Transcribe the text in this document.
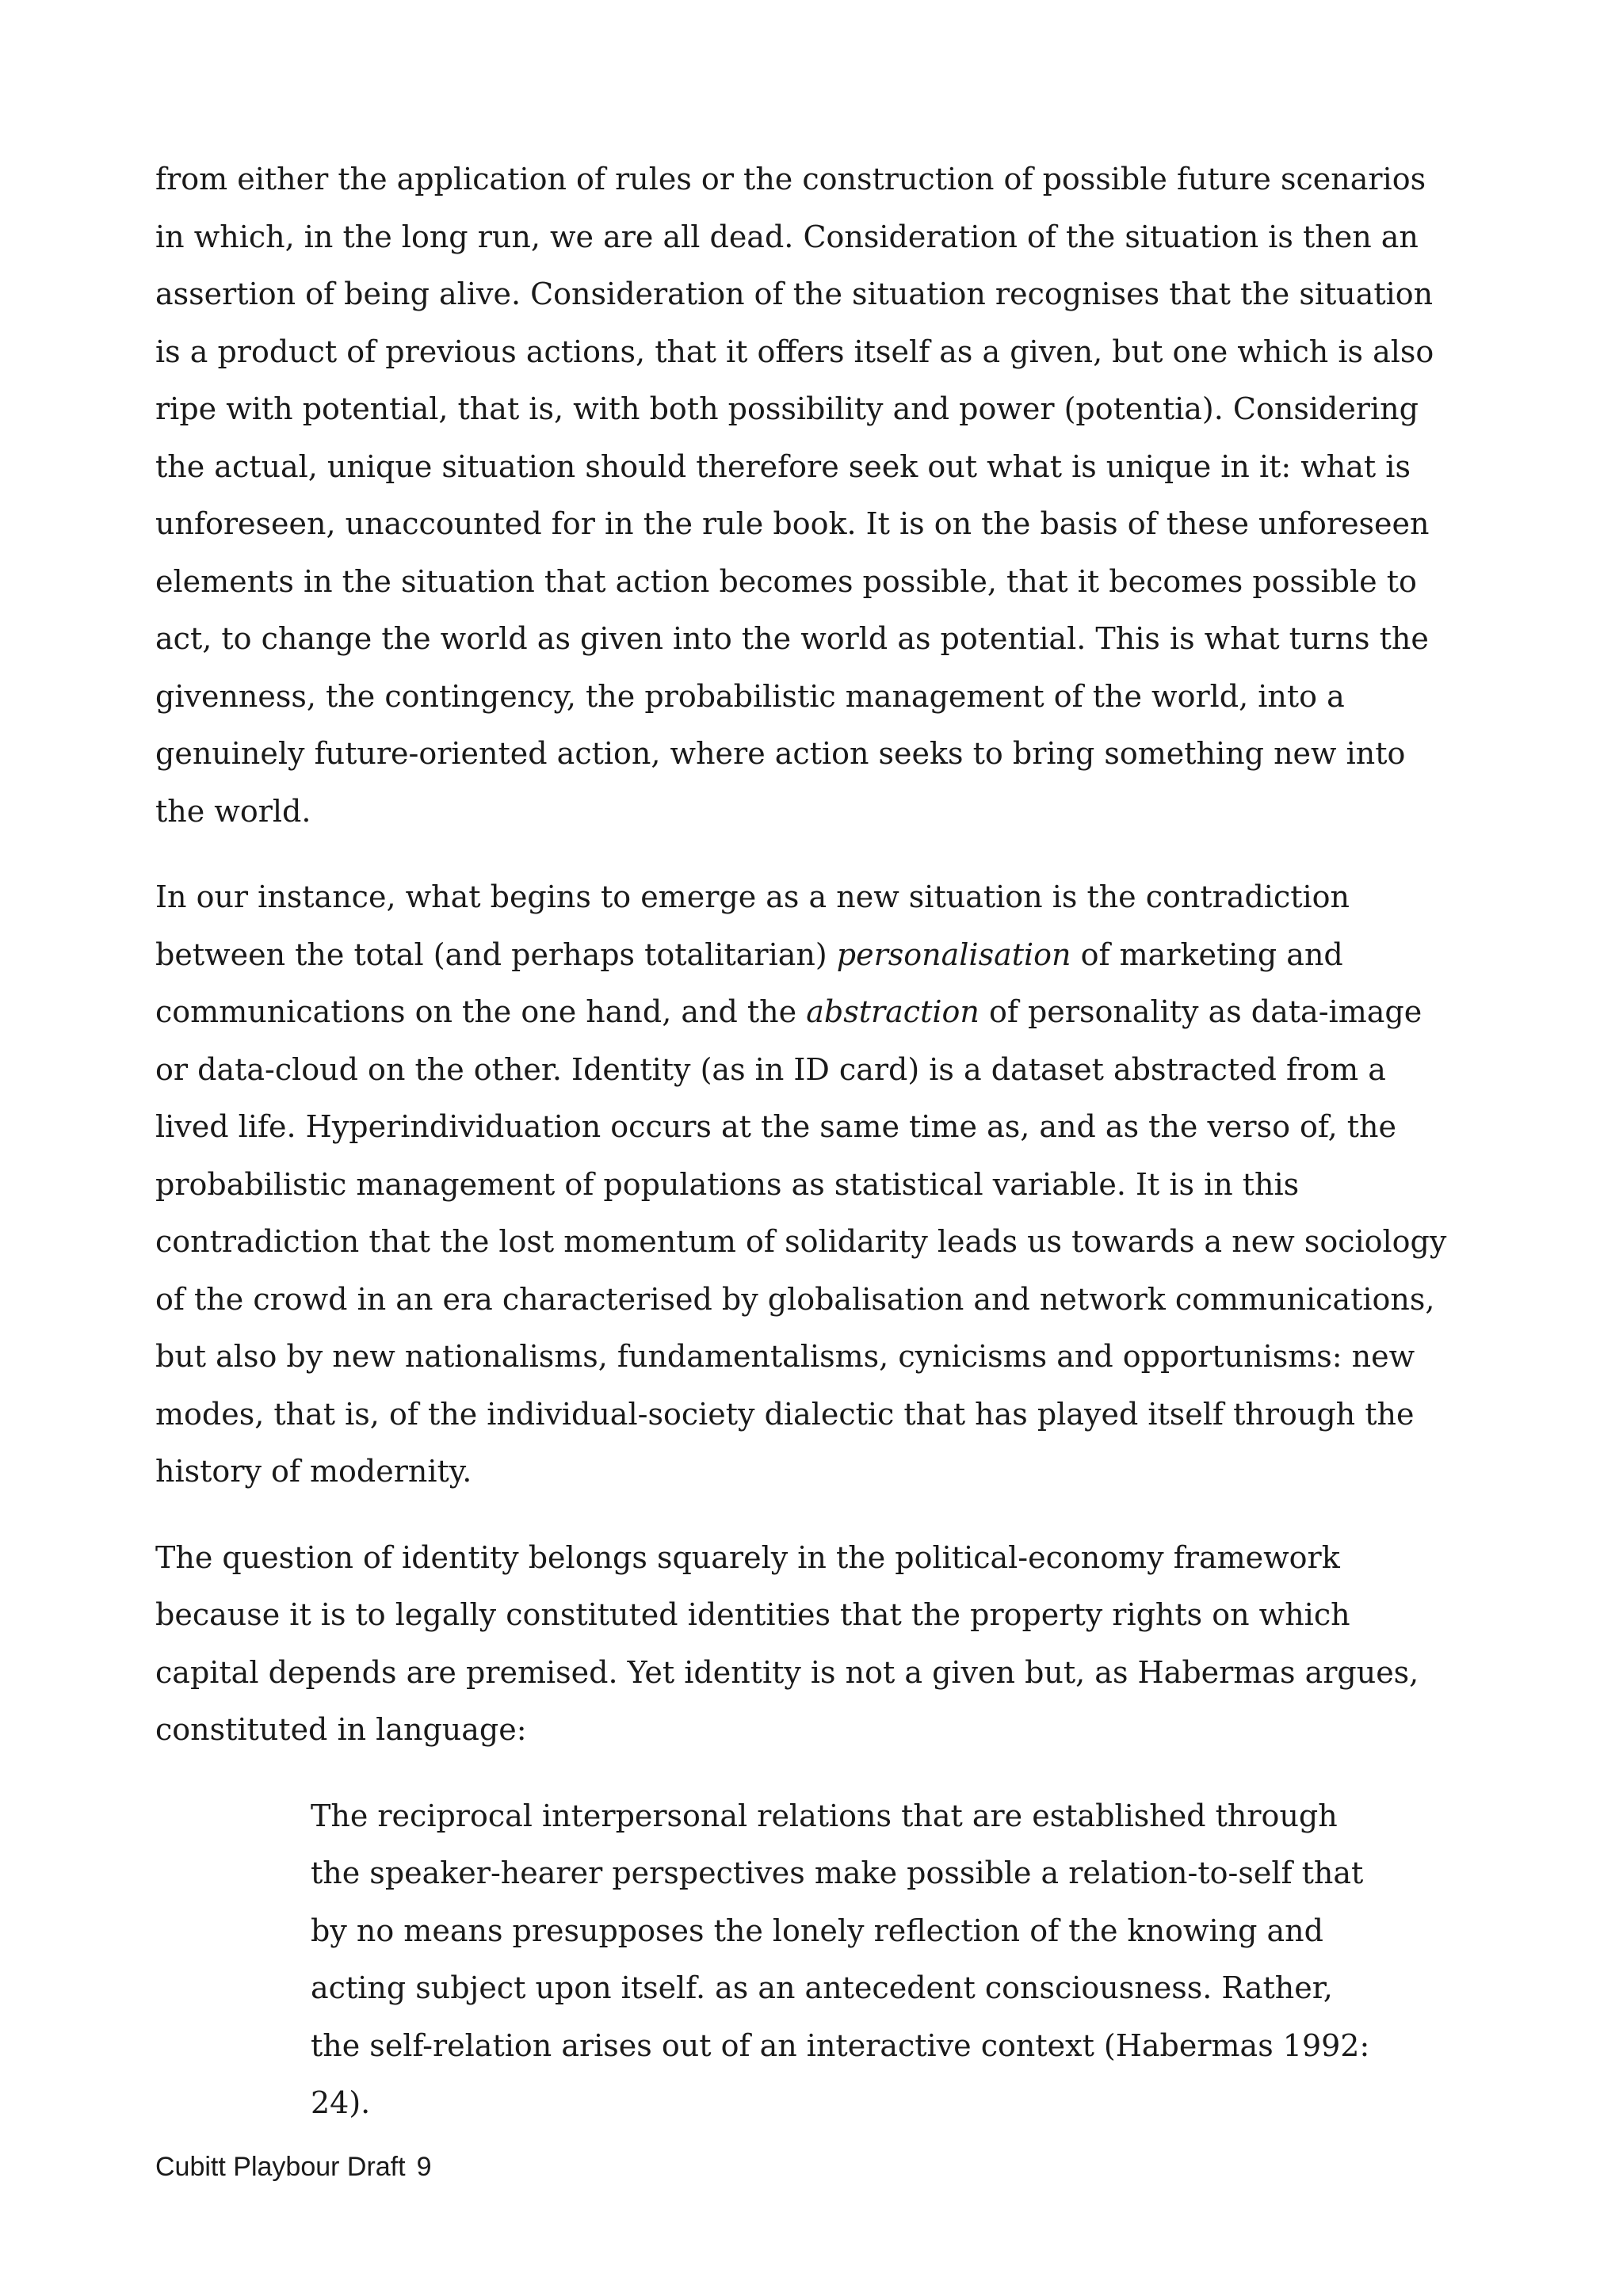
from either the application of rules or the construction of possible future scenarios
in which, in the long run, we are all dead. Consideration of the situation is then an
assertion of being alive. Consideration of the situation recognises that the situation
is a product of previous actions, that it offers itself as a given, but one which is also
ripe with potential, that is, with both possibility and power (potentia). Considering
the actual, unique situation should therefore seek out what is unique in it: what is
unforeseen, unaccounted for in the rule book. It is on the basis of these unforeseen
elements in the situation that action becomes possible, that it becomes possible to
act, to change the world as given into the world as potential. This is what turns the
givenness, the contingency, the probabilistic management of the world, into a
genuinely future-oriented action, where action seeks to bring something new into
the world.

In our instance, what begins to emerge as a new situation is the contradiction
between the total (and perhaps totalitarian) personalisation of marketing and
communications on the one hand, and the abstraction of personality as data-image
or data-cloud on the other. Identity (as in ID card) is a dataset abstracted from a
lived life. Hyperindividuation occurs at the same time as, and as the verso of, the
probabilistic management of populations as statistical variable. It is in this
contradiction that the lost momentum of solidarity leads us towards a new sociology
of the crowd in an era characterised by globalisation and network communications,
but also by new nationalisms, fundamentalisms, cynicisms and opportunisms: new
modes, that is, of the individual-society dialectic that has played itself through the
history of modernity.

The question of identity belongs squarely in the political-economy framework
because it is to legally constituted identities that the property rights on which
capital depends are premised. Yet identity is not a given but, as Habermas argues,
constituted in language:

The reciprocal interpersonal relations that are established through
the speaker-hearer perspectives make possible a relation-to-self that
by no means presupposes the lonely reflection of the knowing and
acting subject upon itself. as an antecedent consciousness. Rather,
the self-relation arises out of an interactive context (Habermas 1992:
24).
Cubitt Playbour Draft 9
